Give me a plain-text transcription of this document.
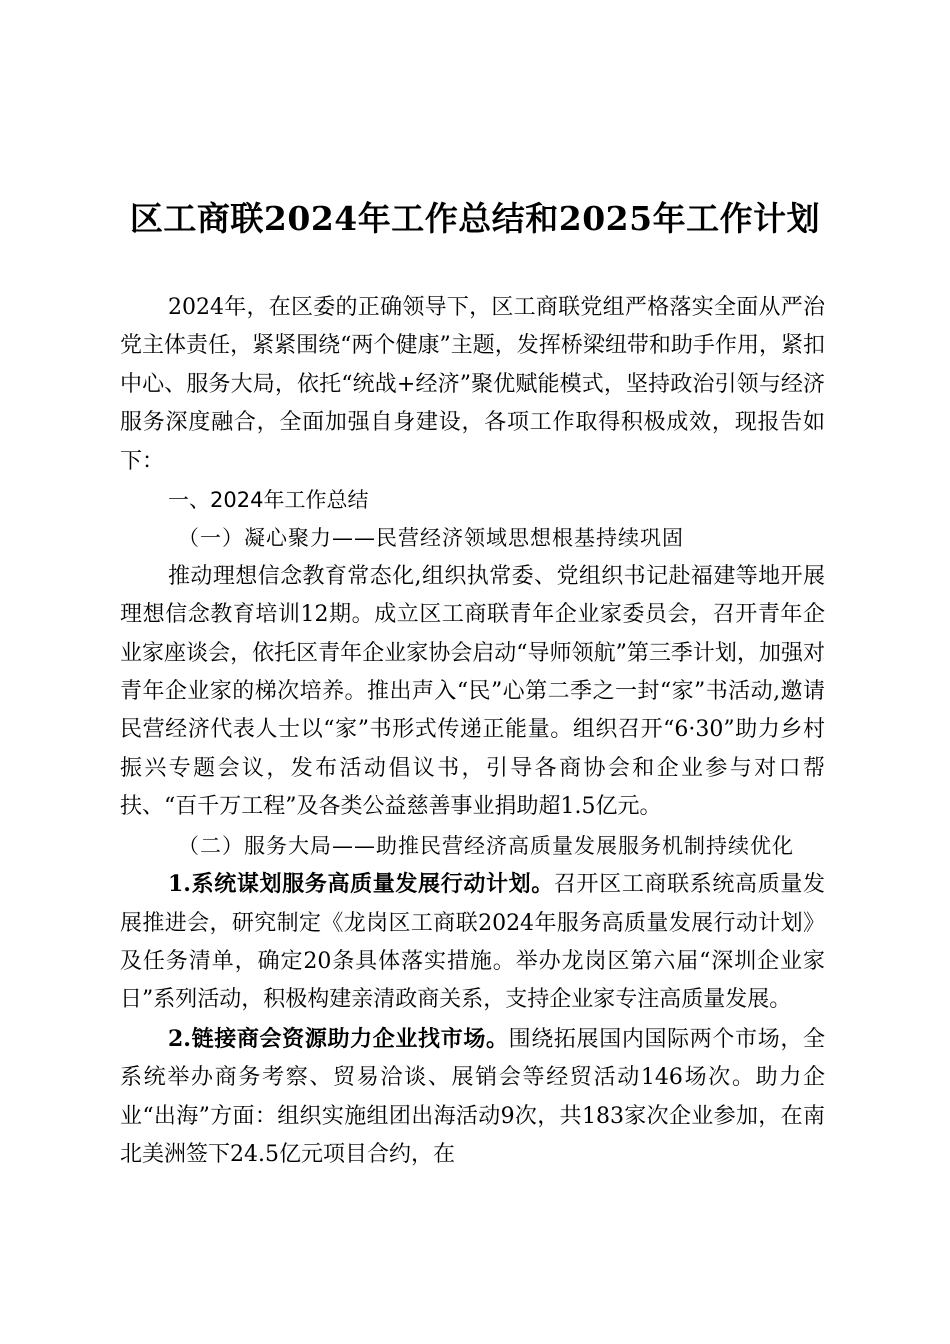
区工商联2024年工作总结和2025年工作计划

2024年，在区委的正确领导下，区工商联党组严格落实全面从严治党主体责任，紧紧围绕“两个健康”主题，发挥桥梁纽带和助手作用，紧扣中心、服务大局，依托“统战+经济”聚优赋能模式，坚持政治引领与经济服务深度融合，全面加强自身建设，各项工作取得积极成效，现报告如下：

一、2024年工作总结

（一）凝心聚力——民营经济领域思想根基持续巩固

推动理想信念教育常态化,组织执常委、党组织书记赴福建等地开展理想信念教育培训12期。成立区工商联青年企业家委员会，召开青年企业家座谈会，依托区青年企业家协会启动“导师领航”第三季计划，加强对青年企业家的梯次培养。推出声入“民”心第二季之一封“家”书活动,邀请民营经济代表人士以“家”书形式传递正能量。组织召开“6·30”助力乡村振兴专题会议，发布活动倡议书，引导各商协会和企业参与对口帮扶、“百千万工程”及各类公益慈善事业捐助超1.5亿元。

（二）服务大局——助推民营经济高质量发展服务机制持续优化

1.系统谋划服务高质量发展行动计划。召开区工商联系统高质量发展推进会，研究制定《龙岗区工商联2024年服务高质量发展行动计划》及任务清单，确定20条具体落实措施。举办龙岗区第六届“深圳企业家日”系列活动，积极构建亲清政商关系，支持企业家专注高质量发展。

2.链接商会资源助力企业找市场。围绕拓展国内国际两个市场，全系统举办商务考察、贸易洽谈、展销会等经贸活动146场次。助力企业“出海”方面：组织实施组团出海活动9次，共183家次企业参加，在南北美洲签下24.5亿元项目合约，在
